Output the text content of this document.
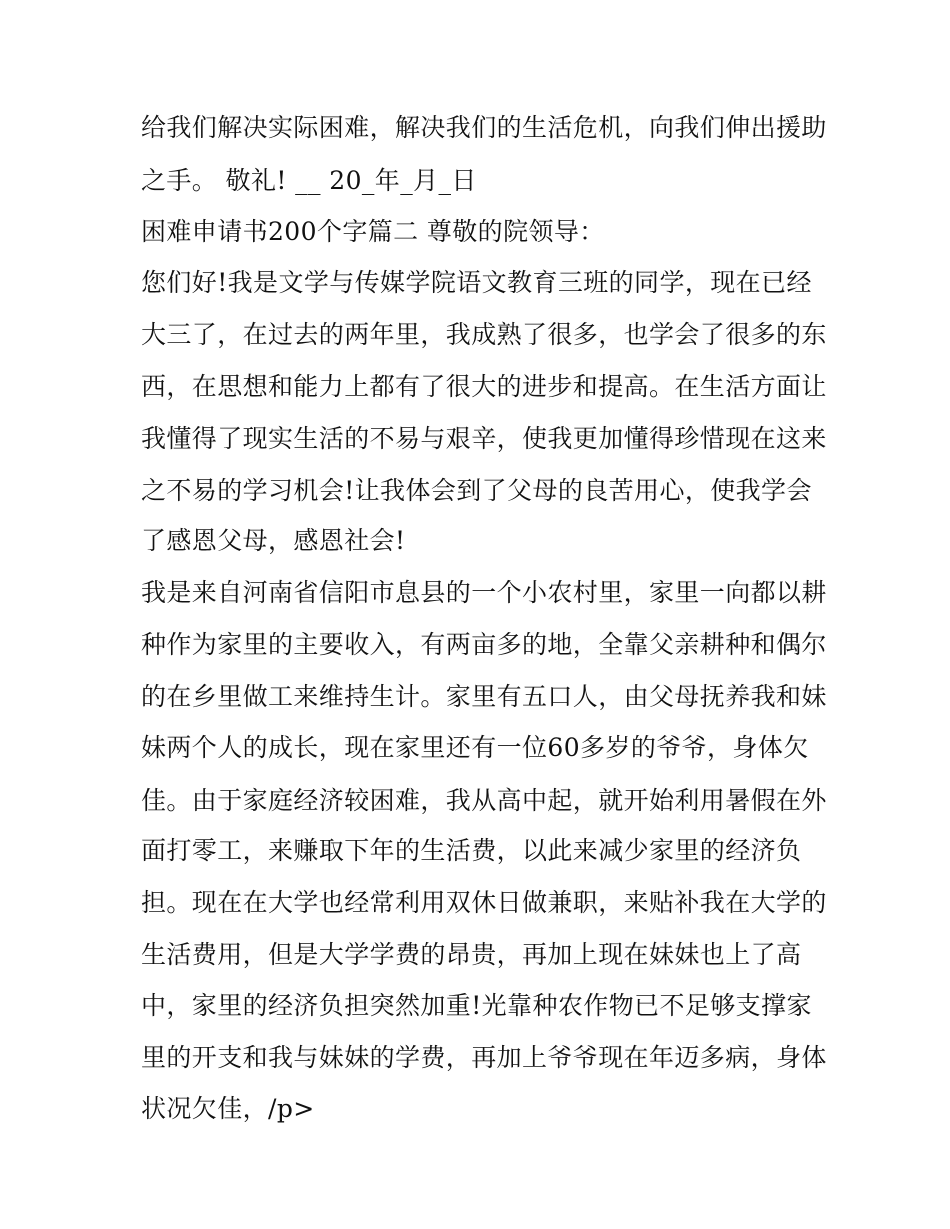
给我们解决实际困难，解决我们的生活危机，向我们伸出援助
之手。 敬礼! __ 20_年_月_日
困难申请书200个字篇二 尊敬的院领导：
您们好!我是文学与传媒学院语文教育三班的同学，现在已经
大三了，在过去的两年里，我成熟了很多，也学会了很多的东
西，在思想和能力上都有了很大的进步和提高。在生活方面让
我懂得了现实生活的不易与艰辛，使我更加懂得珍惜现在这来
之不易的学习机会!让我体会到了父母的良苦用心，使我学会
了感恩父母，感恩社会!
我是来自河南省信阳市息县的一个小农村里，家里一向都以耕
种作为家里的主要收入，有两亩多的地，全靠父亲耕种和偶尔
的在乡里做工来维持生计。家里有五口人，由父母抚养我和妹
妹两个人的成长，现在家里还有一位60多岁的爷爷，身体欠
佳。由于家庭经济较困难，我从高中起，就开始利用暑假在外
面打零工，来赚取下年的生活费，以此来减少家里的经济负
担。现在在大学也经常利用双休日做兼职，来贴补我在大学的
生活费用，但是大学学费的昂贵，再加上现在妹妹也上了高
中，家里的经济负担突然加重!光靠种农作物已不足够支撑家
里的开支和我与妹妹的学费，再加上爷爷现在年迈多病，身体
状况欠佳，/p>
